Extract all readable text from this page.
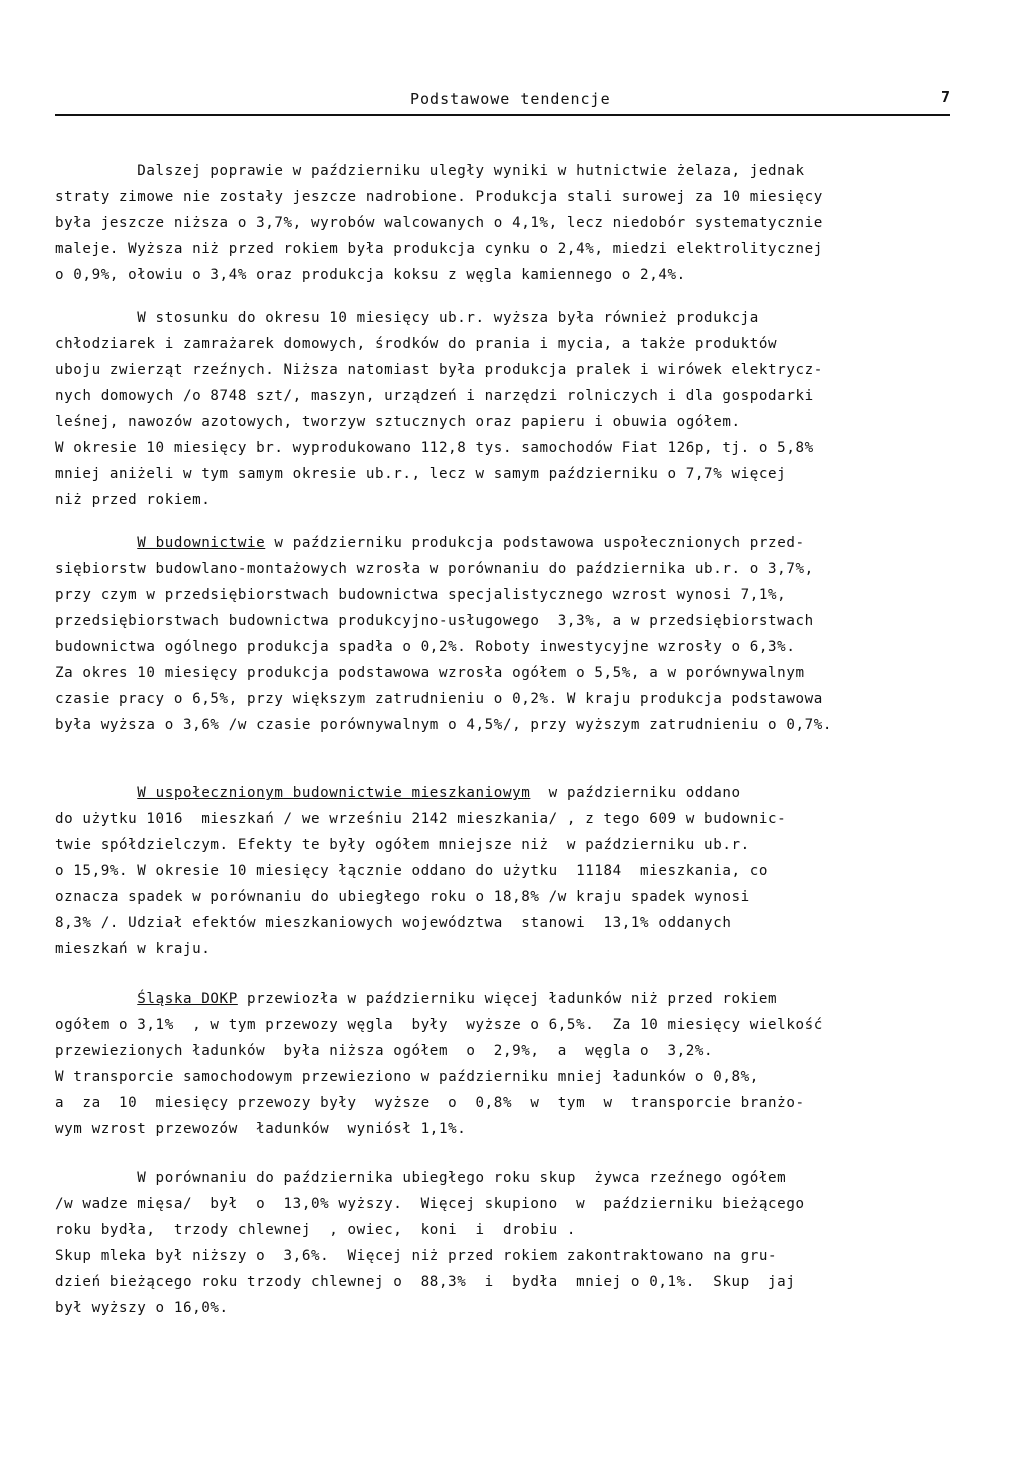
Podstawowe tendencje	7
Dalszej poprawie w październiku uległy wyniki w hutnictwie żelaza, jednak
straty zimowe nie zostały jeszcze nadrobione. Produkcja stali surowej za 10 miesięcy
była jeszcze niższa o 3,7%, wyrobów walcowanych o 4,1%, lecz niedobór systematycznie
maleje. Wyższa niż przed rokiem była produkcja cynku o 2,4%, miedzi elektrolitycznej
o 0,9%, ołowiu o 3,4% oraz produkcja koksu z węgla kamiennego o 2,4%.
W stosunku do okresu 10 miesięcy ub.r. wyższa była również produkcja
chłodziarek i zamrażarek domowych, środków do prania i mycia, a także produktów
uboju zwierząt rzeźnych. Niższa natomiast była produkcja pralek i wirówek elektrycz-
nych domowych /o 8748 szt/, maszyn, urządzeń i narzędzi rolniczych i dla gospodarki
leśnej, nawozów azotowych, tworzyw sztucznych oraz papieru i obuwia ogółem.
W okresie 10 miesięcy br. wyprodukowano 112,8 tys. samochodów Fiat 126p, tj. o 5,8%
mniej aniżeli w tym samym okresie ub.r., lecz w samym październiku o 7,7% więcej
niż przed rokiem.
W budownictwie w październiku produkcja podstawowa uspołecznionych przed-
siębiorstw budowlano-montażowych wzrosła w porównaniu do października ub.r. o 3,7%,
przy czym w przedsiębiorstwach budownictwa specjalistycznego wzrost wynosi 7,1%,
przedsiębiorstwach budownictwa produkcyjno-usługowego  3,3%, a w przedsiębiorstwach
budownictwa ogólnego produkcja spadła o 0,2%. Roboty inwestycyjne wzrosły o 6,3%.
Za okres 10 miesięcy produkcja podstawowa wzrosła ogółem o 5,5%, a w porównywalnym
czasie pracy o 6,5%, przy większym zatrudnieniu o 0,2%. W kraju produkcja podstawowa
była wyższa o 3,6% /w czasie porównywalnym o 4,5%/, przy wyższym zatrudnieniu o 0,7%.
W uspołecznionym budownictwie mieszkaniowym  w październiku oddano
do użytku 1016  mieszkań / we wrześniu 2142 mieszkania/ , z tego 609 w budownic-
twie spółdzielczym. Efekty te były ogółem mniejsze niż  w październiku ub.r.
o 15,9%. W okresie 10 miesięcy łącznie oddano do użytku  11184  mieszkania, co
oznacza spadek w porównaniu do ubiegłego roku o 18,8% /w kraju spadek wynosi
8,3% /. Udział efektów mieszkaniowych województwa  stanowi  13,1% oddanych
mieszkań w kraju.
Śląska DOKP przewiozła w październiku więcej ładunków niż przed rokiem
ogółem o 3,1%  , w tym przewozy węgla  były  wyższe o 6,5%.  Za 10 miesięcy wielkość
przewiezionych ładunków  była niższa ogółem  o  2,9%,  a  węgla o  3,2%.
W transporcie samochodowym przewieziono w październiku mniej ładunków o 0,8%,
a  za  10  miesięcy przewozy były  wyższe  o  0,8%  w  tym  w  transporcie branżo-
wym wzrost przewozów  ładunków  wyniósł 1,1%.
W porównaniu do października ubiegłego roku skup  żywca rzeźnego ogółem
/w wadze mięsa/  był  o  13,0% wyższy.  Więcej skupiono  w  październiku bieżącego
roku bydła,  trzody chlewnej  , owiec,  koni  i  drobiu .
Skup mleka był niższy o  3,6%.  Więcej niż przed rokiem zakontraktowano na gru-
dzień bieżącego roku trzody chlewnej o  88,3%  i  bydła  mniej o 0,1%.  Skup  jaj
był wyższy o 16,0%.
